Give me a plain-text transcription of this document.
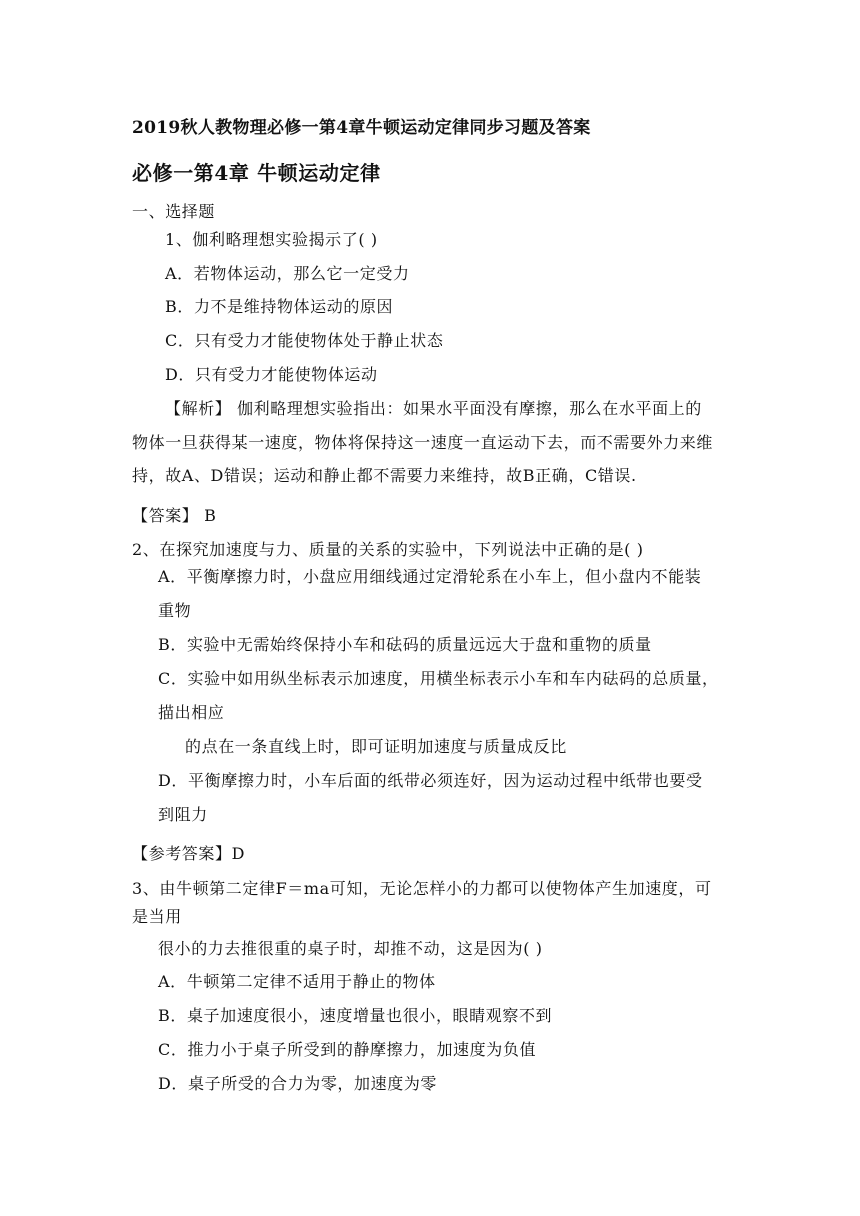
2019秋人教物理必修一第4章牛顿运动定律同步习题及答案
必修一第4章 牛顿运动定律
一、选择题
1、伽利略理想实验揭示了( )
A．若物体运动，那么它一定受力
B．力不是维持物体运动的原因
C．只有受力才能使物体处于静止状态
D．只有受力才能使物体运动
【解析】 伽利略理想实验指出：如果水平面没有摩擦，那么在水平面上的
物体一旦获得某一速度，物体将保持这一速度一直运动下去，而不需要外力来维
持，故A、D错误；运动和静止都不需要力来维持，故B正确，C错误.
【答案】 B
2、在探究加速度与力、质量的关系的实验中，下列说法中正确的是( )
A．平衡摩擦力时，小盘应用细线通过定滑轮系在小车上，但小盘内不能装
重物
B．实验中无需始终保持小车和砝码的质量远远大于盘和重物的质量
C．实验中如用纵坐标表示加速度，用横坐标表示小车和车内砝码的总质量，
描出相应
的点在一条直线上时，即可证明加速度与质量成反比
D．平衡摩擦力时，小车后面的纸带必须连好，因为运动过程中纸带也要受
到阻力
【参考答案】D
3、由牛顿第二定律F＝ma可知，无论怎样小的力都可以使物体产生加速度，可
是当用
很小的力去推很重的桌子时，却推不动，这是因为( )
A．牛顿第二定律不适用于静止的物体
B．桌子加速度很小，速度增量也很小，眼睛观察不到
C．推力小于桌子所受到的静摩擦力，加速度为负值
D．桌子所受的合力为零，加速度为零
